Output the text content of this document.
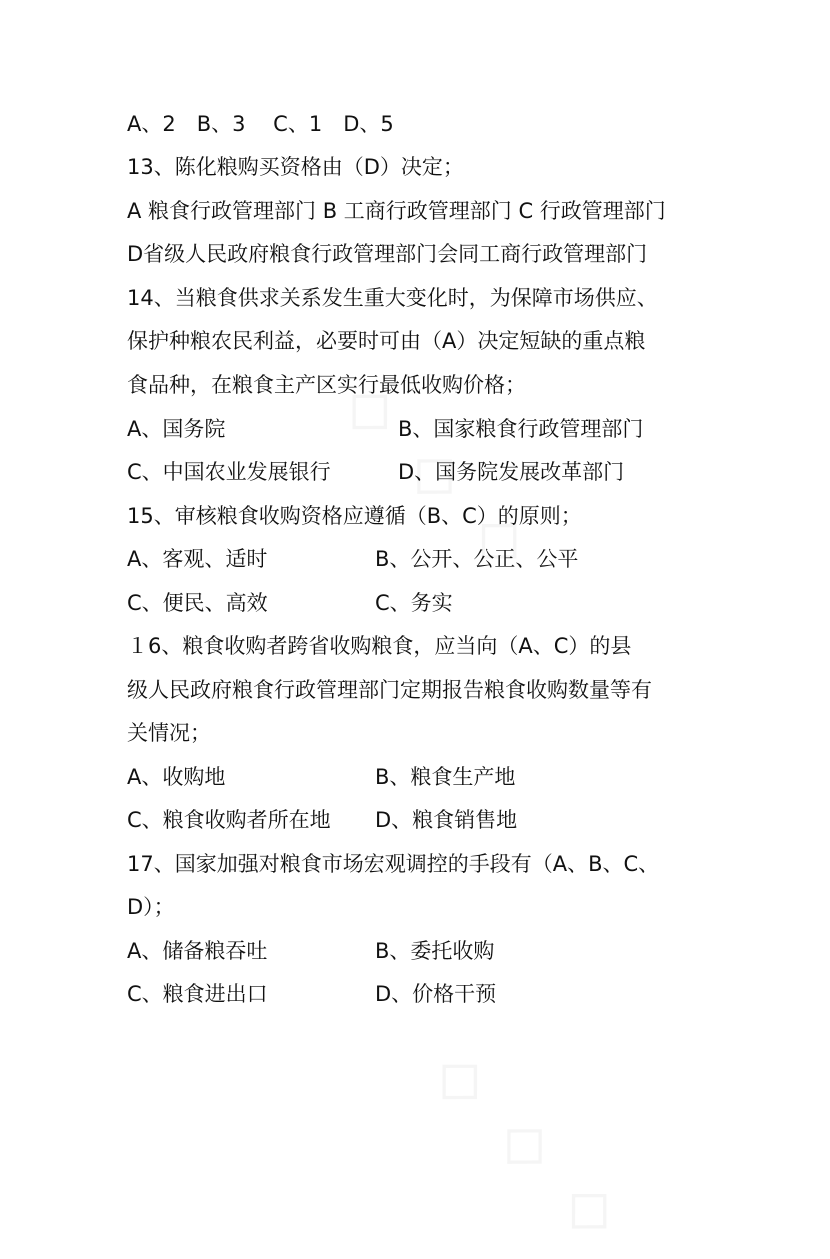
A、2　B、3　 C、1　D、5
13、陈化粮购买资格由（D）决定；
A 粮食行政管理部门 B 工商行政管理部门 C 行政管理部门
D省级人民政府粮食行政管理部门会同工商行政管理部门
14、当粮食供求关系发生重大变化时，为保障市场供应、
保护种粮农民利益，必要时可由（A）决定短缺的重点粮
食品种，在粮食主产区实行最低收购价格；
A、国务院	B、国家粮食行政管理部门
C、中国农业发展银行	D、国务院发展改革部门
15、审核粮食收购资格应遵循（B、C）的原则；
A、客观、适时	B、公开、公正、公平
C、便民、高效	C、务实
１6、粮食收购者跨省收购粮食，应当向（A、C）的县
级人民政府粮食行政管理部门定期报告粮食收购数量等有
关情况；
A、收购地	B、粮食生产地
C、粮食收购者所在地 D、粮食销售地
17、国家加强对粮食市场宏观调控的手段有（A、B、C、
D）；
A、储备粮吞吐	B、委托收购
C、粮食进出口	D、价格干预
